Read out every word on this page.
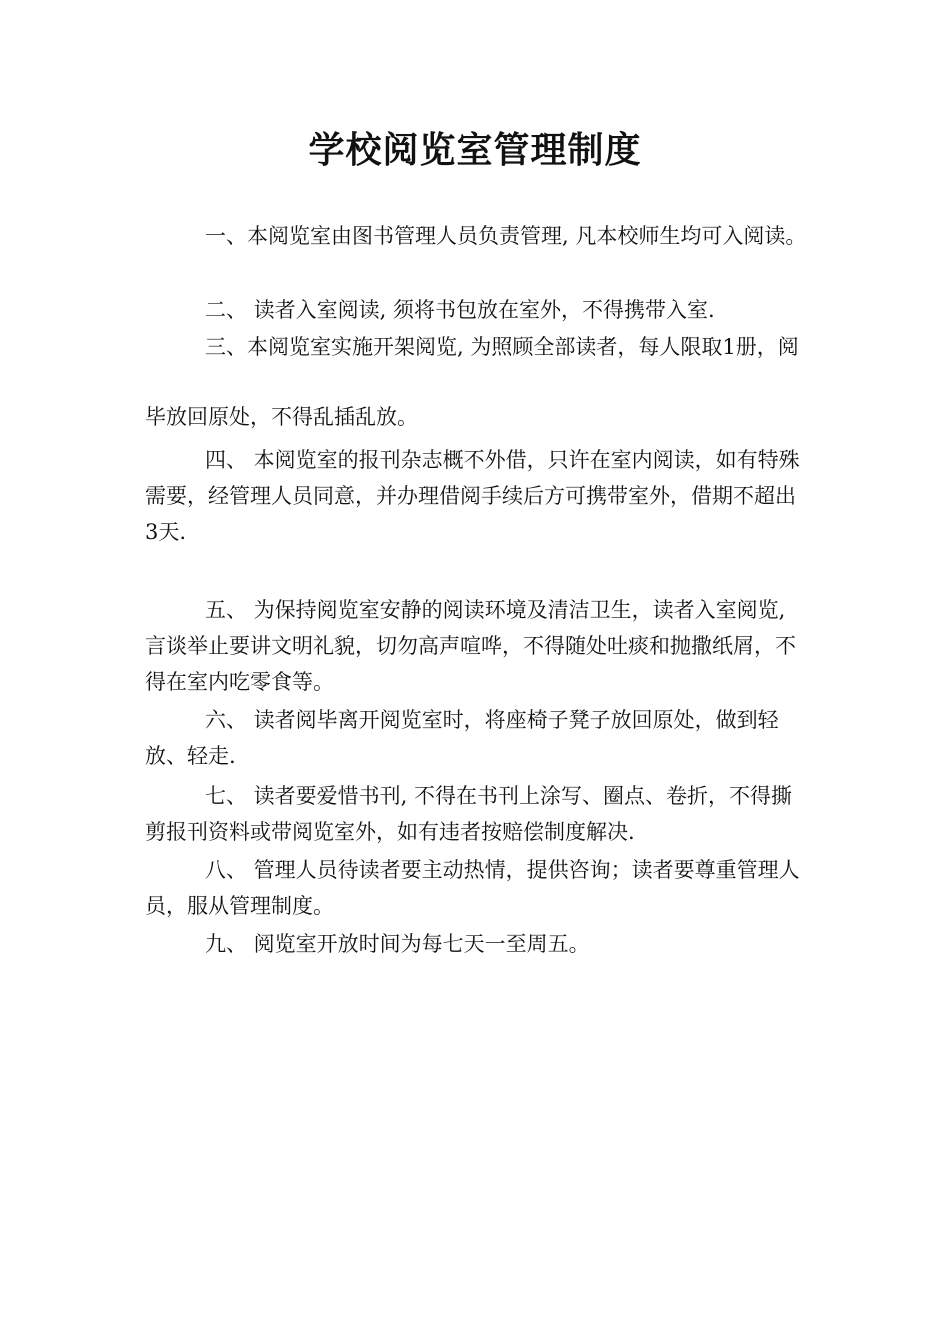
学校阅览室管理制度

一、本阅览室由图书管理人员负责管理, 凡本校师生均可入阅读。

二、 读者入室阅读, 须将书包放在室外，不得携带入室.

三、本阅览室实施开架阅览, 为照顾全部读者，每人限取1册，阅毕放回原处，不得乱插乱放。

四、 本阅览室的报刊杂志概不外借，只许在室内阅读，如有特殊需要，经管理人员同意，并办理借阅手续后方可携带室外，借期不超出3天.

五、 为保持阅览室安静的阅读环境及清洁卫生，读者入室阅览, 言谈举止要讲文明礼貌，切勿高声喧哗，不得随处吐痰和抛撒纸屑，不得在室内吃零食等。

六、 读者阅毕离开阅览室时，将座椅子凳子放回原处，做到轻放、轻走.

七、 读者要爱惜书刊, 不得在书刊上涂写、圈点、卷折，不得撕剪报刊资料或带阅览室外，如有违者按赔偿制度解决.

八、 管理人员待读者要主动热情，提供咨询；读者要尊重管理人员，服从管理制度。

九、 阅览室开放时间为每七天一至周五。
